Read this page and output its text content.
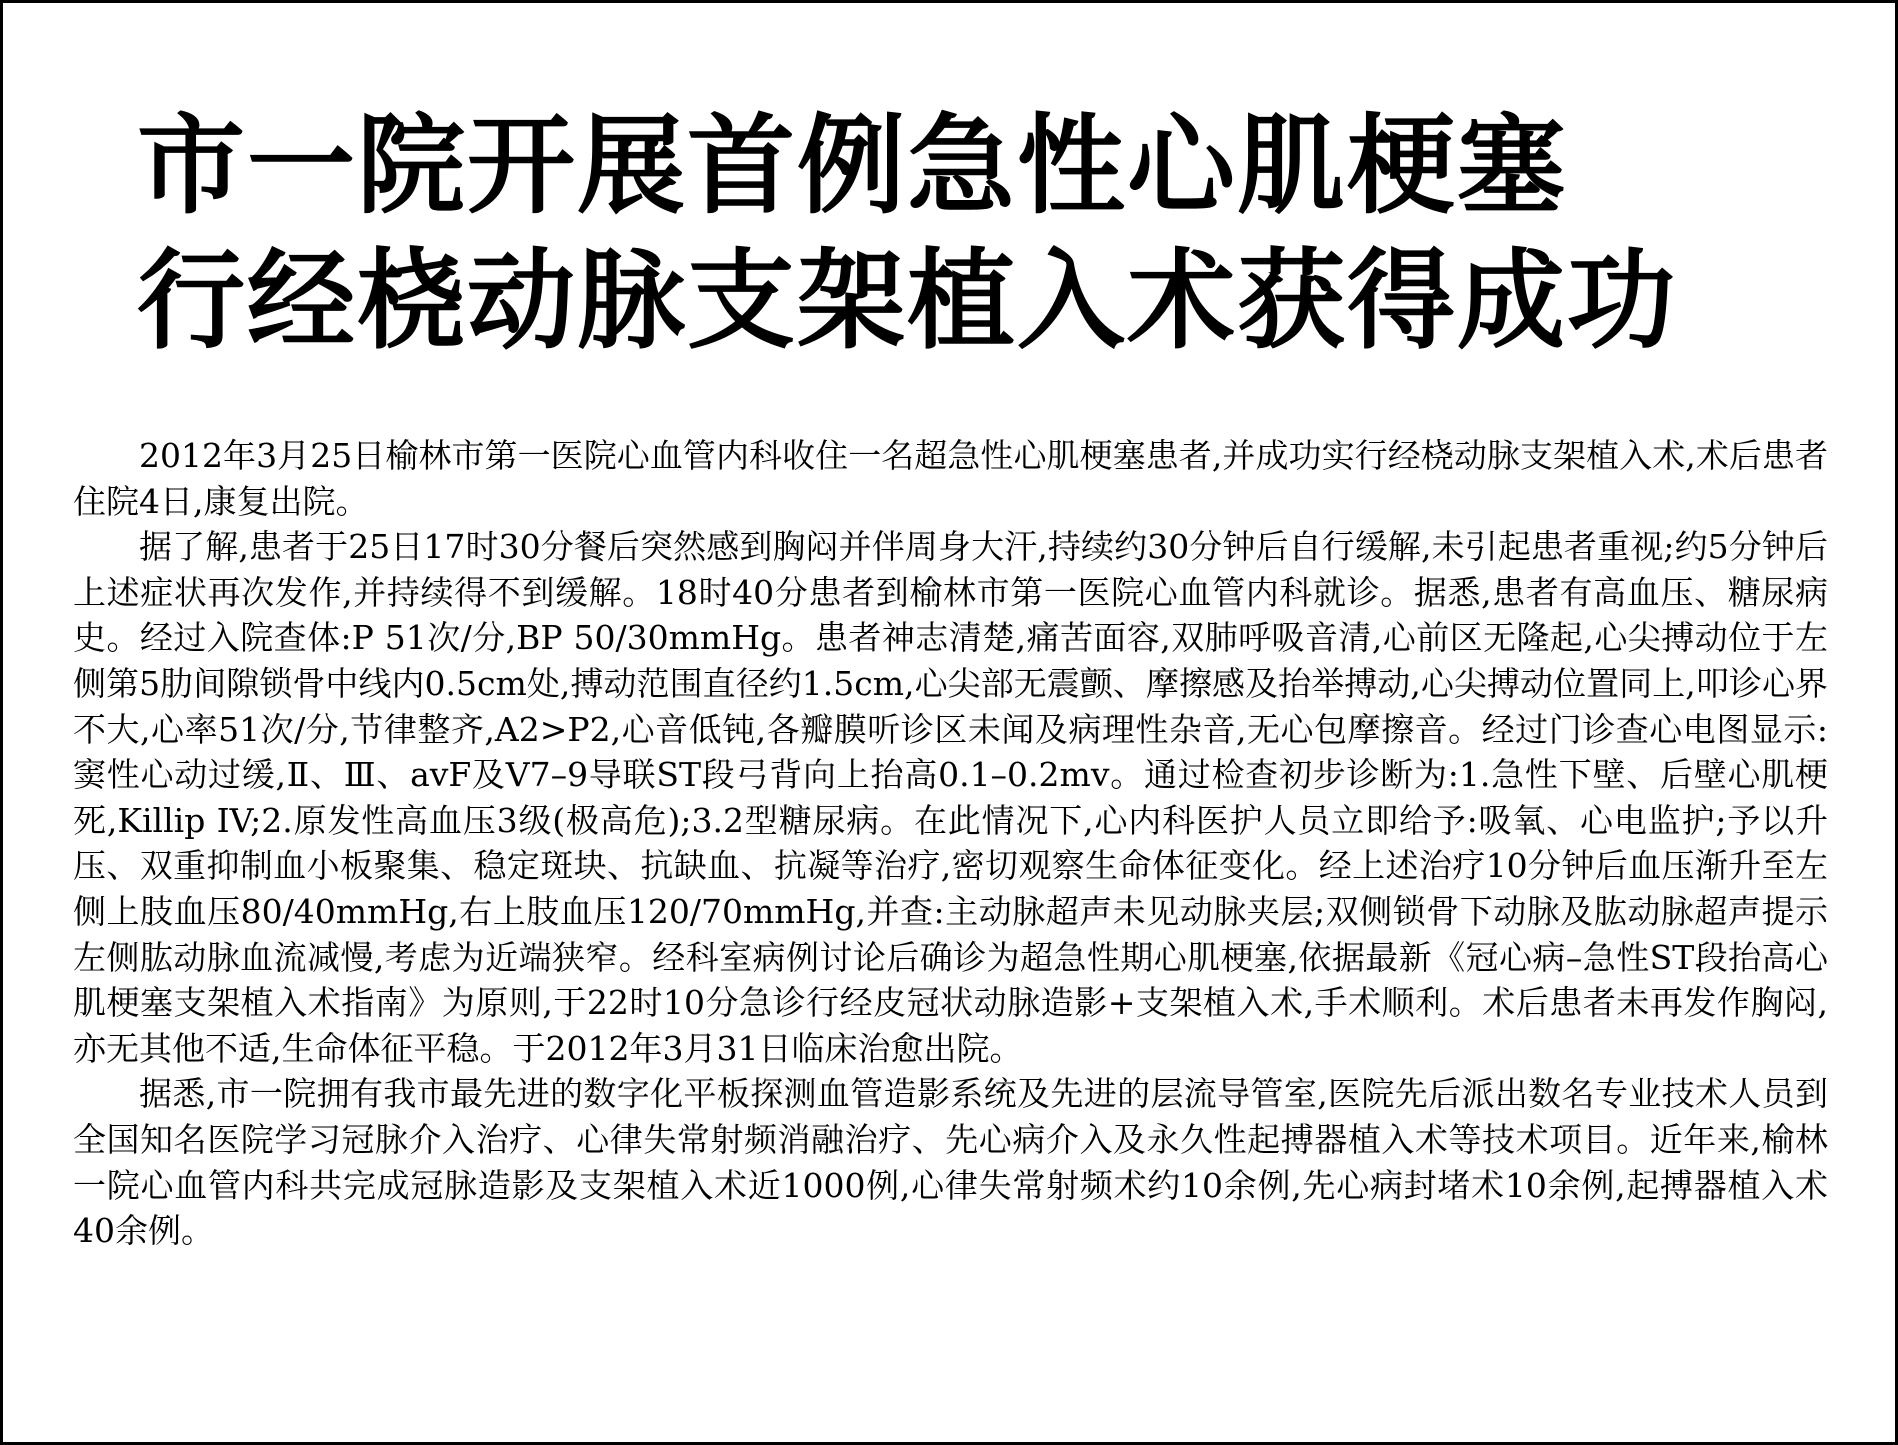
市一院开展首例急性心肌梗塞
行经桡动脉支架植入术获得成功

2012年3月25日榆林市第一医院心血管内科收住一名超急性心肌梗塞患者,并成功实行经桡动脉支架植入术,术后患者住院4日,康复出院。

据了解,患者于25日17时30分餐后突然感到胸闷并伴周身大汗,持续约30分钟后自行缓解,未引起患者重视;约5分钟后上述症状再次发作,并持续得不到缓解。18时40分患者到榆林市第一医院心血管内科就诊。据悉,患者有高血压、糖尿病史。经过入院查体:P 51次/分,BP 50/30mmHg。患者神志清楚,痛苦面容,双肺呼吸音清,心前区无隆起,心尖搏动位于左侧第5肋间隙锁骨中线内0.5cm处,搏动范围直径约1.5cm,心尖部无震颤、摩擦感及抬举搏动,心尖搏动位置同上,叩诊心界不大,心率51次/分,节律整齐,A2>P2,心音低钝,各瓣膜听诊区未闻及病理性杂音,无心包摩擦音。经过门诊查心电图显示:窦性心动过缓,Ⅱ、Ⅲ、avF及V7–9导联ST段弓背向上抬高0.1–0.2mv。通过检查初步诊断为:1.急性下壁、后壁心肌梗死,Killip IV;2.原发性高血压3级(极高危);3.2型糖尿病。在此情况下,心内科医护人员立即给予:吸氧、心电监护;予以升压、双重抑制血小板聚集、稳定斑块、抗缺血、抗凝等治疗,密切观察生命体征变化。经上述治疗10分钟后血压渐升至左侧上肢血压80/40mmHg,右上肢血压120/70mmHg,并查:主动脉超声未见动脉夹层;双侧锁骨下动脉及肱动脉超声提示左侧肱动脉血流减慢,考虑为近端狭窄。经科室病例讨论后确诊为超急性期心肌梗塞,依据最新《冠心病–急性ST段抬高心肌梗塞支架植入术指南》为原则,于22时10分急诊行经皮冠状动脉造影+支架植入术,手术顺利。术后患者未再发作胸闷,亦无其他不适,生命体征平稳。于2012年3月31日临床治愈出院。

据悉,市一院拥有我市最先进的数字化平板探测血管造影系统及先进的层流导管室,医院先后派出数名专业技术人员到全国知名医院学习冠脉介入治疗、心律失常射频消融治疗、先心病介入及永久性起搏器植入术等技术项目。近年来,榆林一院心血管内科共完成冠脉造影及支架植入术近1000例,心律失常射频术约10余例,先心病封堵术10余例,起搏器植入术40余例。
